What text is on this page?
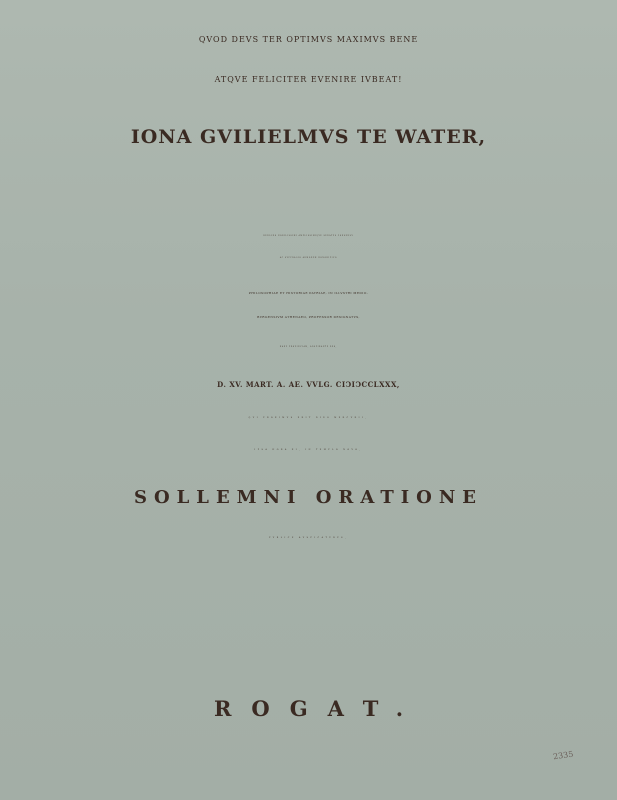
QVOD DEVS TER OPTIMVS MAXIMVS BENE
ATQVE FELICITER EVENIRE IVBEAT!
IONA GVILIELMVS TE WATER,
BENIGNO NOBILISSIMI AMPLISSIMIQVE SENATVS CONSENSV
AC SVFFRAGIO ADMODVM HONORIFICO
PHILOSOPHIAE ET HISTORIAE PATRIAE, IN ILLVSTRI MEDIO-
BVRGENSIVM ATHENAEO, PROFESSOR DESIGNATVS,
HANC PROVINCIAM, ADSPIRANTE DEO,
D. XV. MART. A. AE. VVLG. CIↃIↃCCLXXX,
QVI PROXIMVS ERIT DIES MERCVRII,
IPSA HORA XI, IN TEMPLO NOVO,
SOLLEMNI ORATIONE
PVBLICE AVSPICATVRVS,
ROGAT.
2335
